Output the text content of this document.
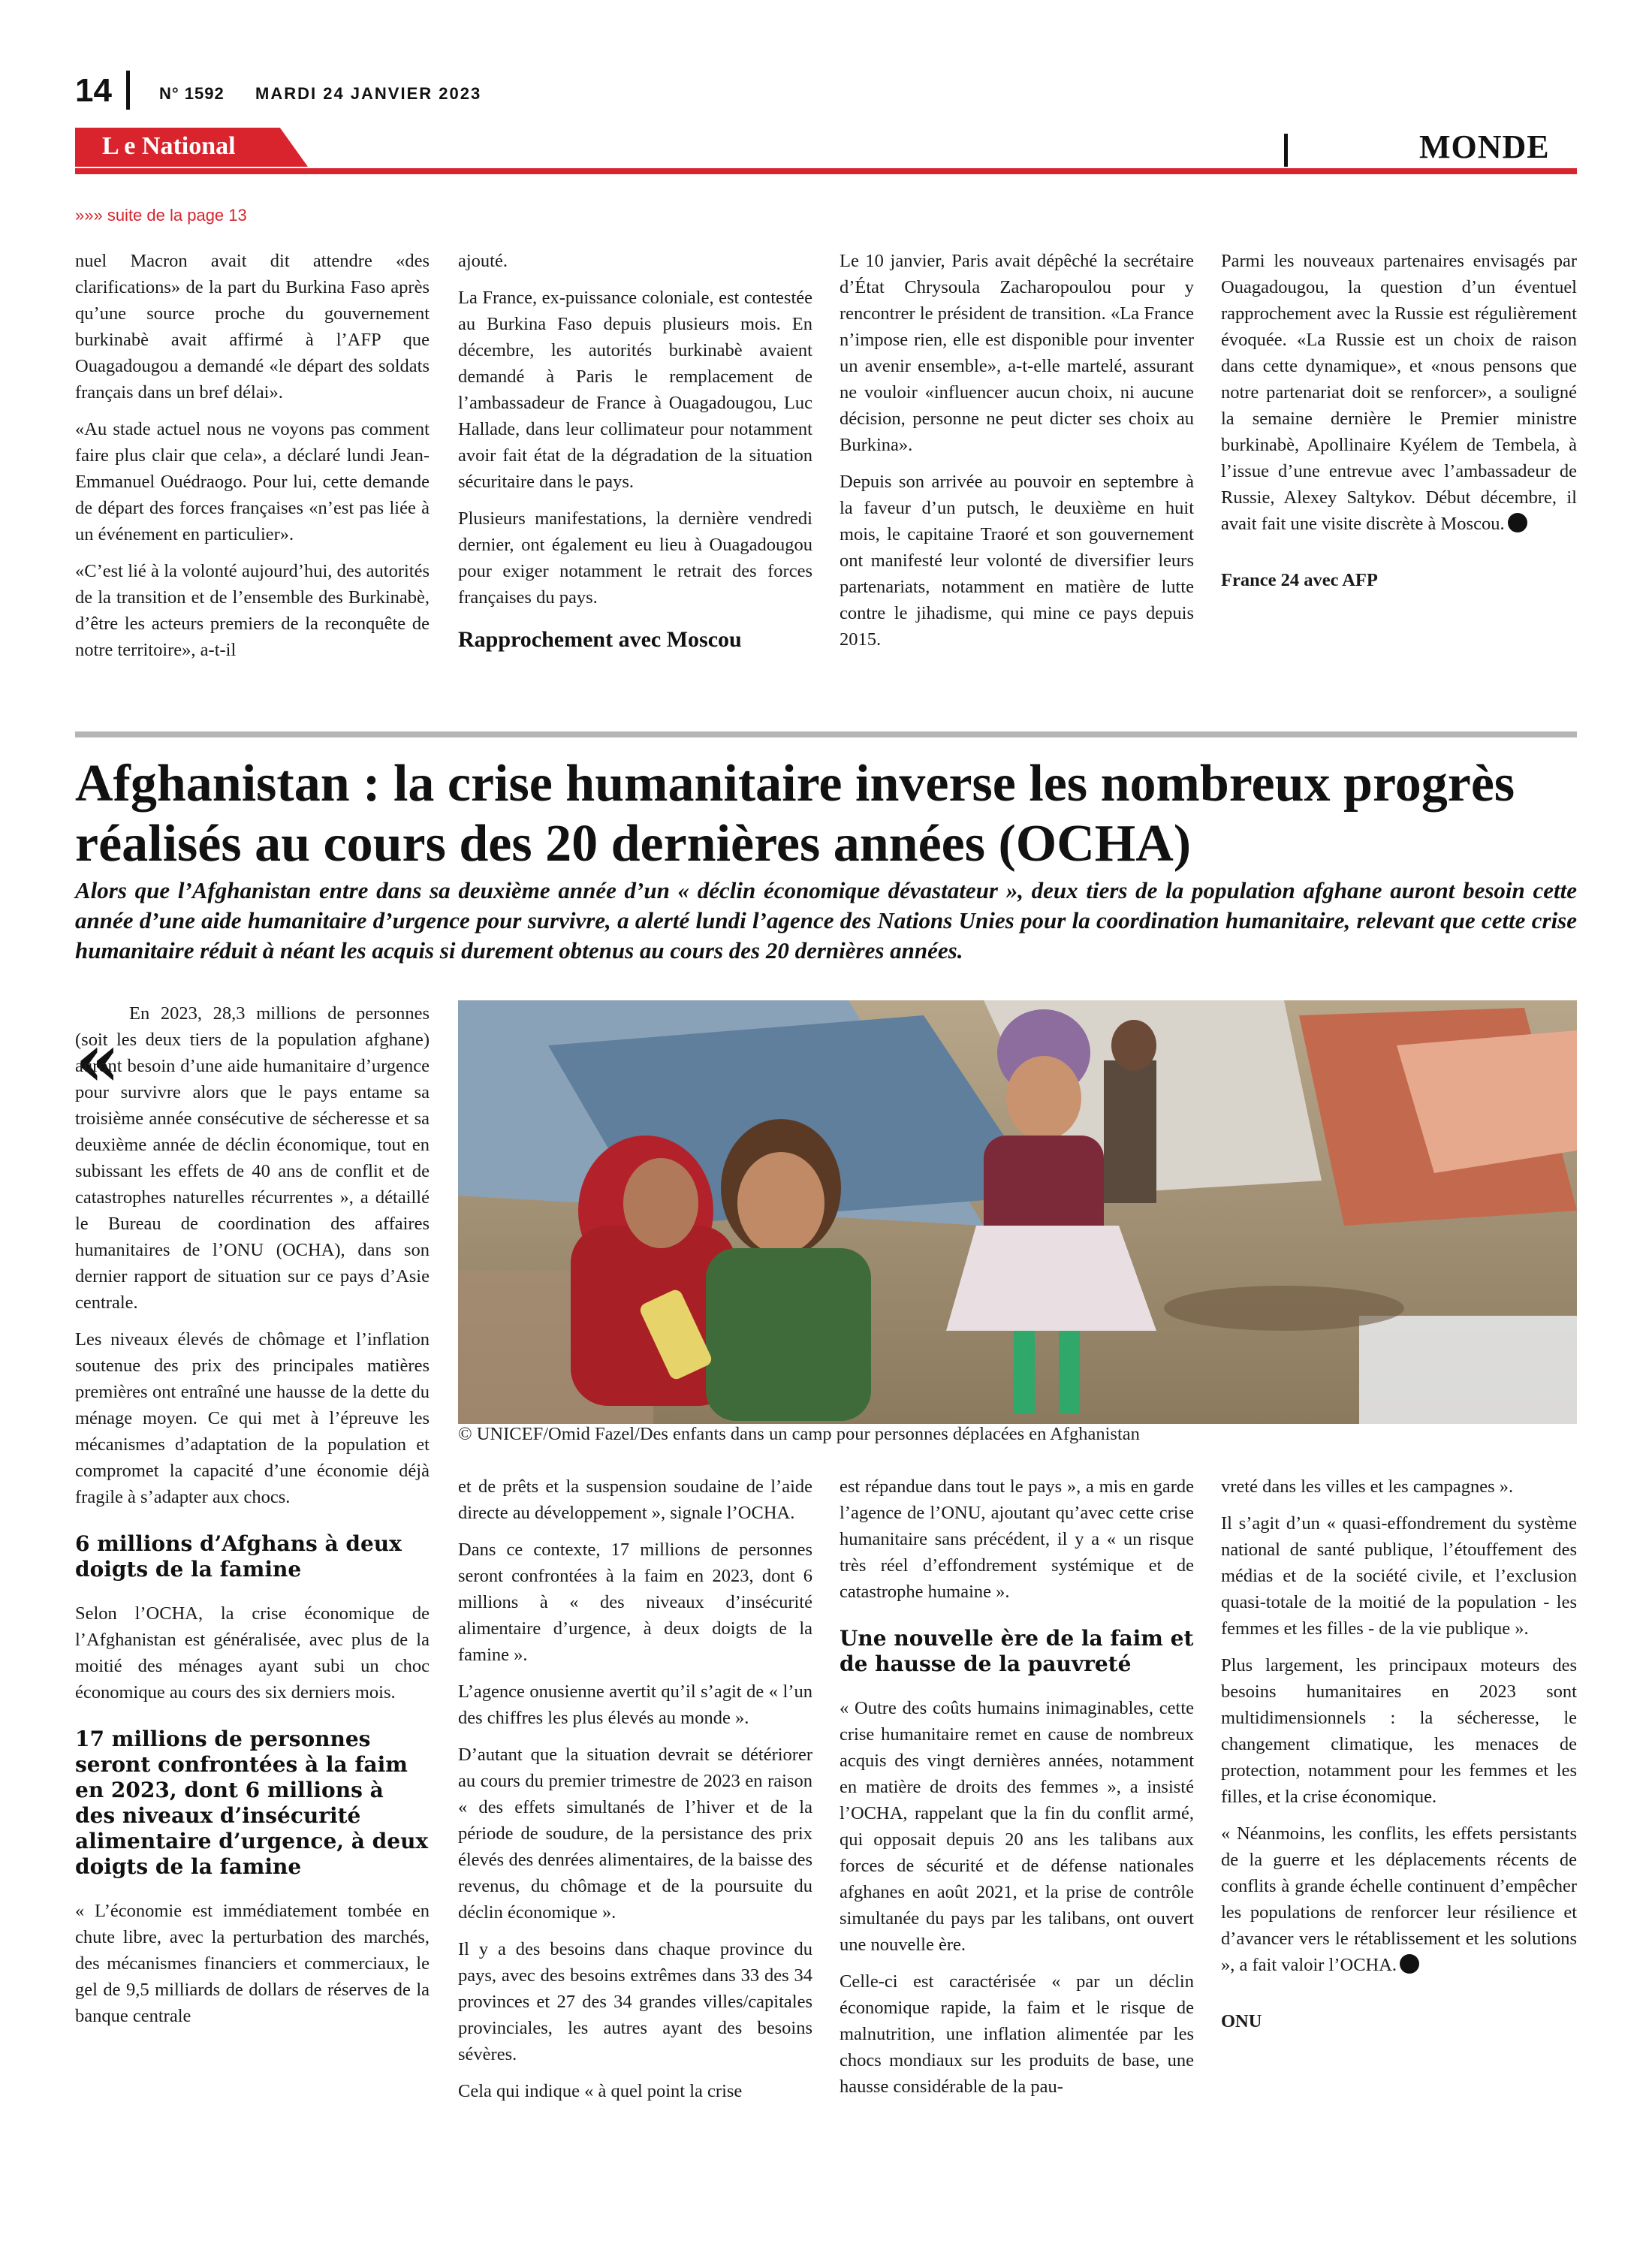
14	N° 1592 MARDI 24 JANVIER 2023
L e National	MONDE
»»» suite de la page 13

nuel Macron avait dit attendre «des clarifications» de la part du Burkina Faso après qu’une source proche du gouvernement burkinabè avait affirmé à l’AFP que Ouagadougou a demandé «le départ des soldats français dans un bref délai».

«Au stade actuel nous ne voyons pas comment faire plus clair que cela», a déclaré lundi Jean-Emmanuel Ouédraogo. Pour lui, cette demande de départ des forces françaises «n’est pas liée à un événement en particulier».

«C’est lié à la volonté aujourd’hui, des autorités de la transition et de l’ensemble des Burkinabè, d’être les acteurs premiers de la reconquête de notre territoire», a-t-il

ajouté.

La France, ex-puissance coloniale, est contestée au Burkina Faso depuis plusieurs mois. En décembre, les autorités burkinabè avaient demandé à Paris le remplacement de l’ambassadeur de France à Ouagadougou, Luc Hallade, dans leur collimateur pour notamment avoir fait état de la dégradation de la situation sécuritaire dans le pays.

Plusieurs manifestations, la dernière vendredi dernier, ont également eu lieu à Ouagadougou pour exiger notamment le retrait des forces françaises du pays.

Rapprochement avec Moscou

Le 10 janvier, Paris avait dépêché la secrétaire d’État Chrysoula Zacharopoulou pour y rencontrer le président de transition. «La France n’impose rien, elle est disponible pour inventer un avenir ensemble», a-t-elle martelé, assurant ne vouloir «influencer aucun choix, ni aucune décision, personne ne peut dicter ses choix au Burkina».

Depuis son arrivée au pouvoir en septembre à la faveur d’un putsch, le deuxième en huit mois, le capitaine Traoré et son gouvernement ont manifesté leur volonté de diversifier leurs partenariats, notamment en matière de lutte contre le jihadisme, qui mine ce pays depuis 2015.

Parmi les nouveaux partenaires envisagés par Ouagadougou, la question d’un éventuel rapprochement avec la Russie est régulièrement évoquée. «La Russie est un choix de raison dans cette dynamique», et «nous pensons que notre partenariat doit se renforcer», a souligné la semaine dernière le Premier ministre burkinabè, Apollinaire Kyélem de Tembela, à l’issue d’une entrevue avec l’ambassadeur de Russie, Alexey Saltykov. Début décembre, il avait fait une visite discrète à Moscou.

France 24 avec AFP

Afghanistan : la crise humanitaire inverse les nombreux progrès réalisés au cours des 20 dernières années (OCHA)
Alors que l’Afghanistan entre dans sa deuxième année d’un « déclin économique dévastateur », deux tiers de la population afghane auront besoin cette année d’une aide humanitaire d’urgence pour survivre, a alerté lundi l’agence des Nations Unies pour la coordination humanitaire, relevant que cette crise humanitaire réduit à néant les acquis si durement obtenus au cours des 20 dernières années.
«
© UNICEF/Omid Fazel/Des enfants dans un camp pour personnes déplacées en Afghanistan

En 2023, 28,3 millions de personnes (soit les deux tiers de la population afghane) auront besoin d’une aide humanitaire d’urgence pour survivre alors que le pays entame sa troisième année consécutive de sécheresse et sa deuxième année de déclin économique, tout en subissant les effets de 40 ans de conflit et de catastrophes naturelles récurrentes », a détaillé le Bureau de coordination des affaires humanitaires de l’ONU (OCHA), dans son dernier rapport de situation sur ce pays d’Asie centrale.

Les niveaux élevés de chômage et l’inflation soutenue des prix des principales matières premières ont entraîné une hausse de la dette du ménage moyen. Ce qui met à l’épreuve les mécanismes d’adaptation de la population et compromet la capacité d’une économie déjà fragile à s’adapter aux chocs.

6 millions d’Afghans à deux doigts de la famine

Selon l’OCHA, la crise économique de l’Afghanistan est généralisée, avec plus de la moitié des ménages ayant subi un choc économique au cours des six derniers mois.

17 millions de personnes seront confrontées à la faim en 2023, dont 6 millions à des niveaux d’insécurité alimentaire d’urgence, à deux doigts de la famine

« L’économie est immédiatement tombée en chute libre, avec la perturbation des marchés, des mécanismes financiers et commerciaux, le gel de 9,5 milliards de dollars de réserves de la banque centrale

et de prêts et la suspension soudaine de l’aide directe au développement », signale l’OCHA.

Dans ce contexte, 17 millions de personnes seront confrontées à la faim en 2023, dont 6 millions à « des niveaux d’insécurité alimentaire d’urgence, à deux doigts de la famine ».

L’agence onusienne avertit qu’il s’agit de « l’un des chiffres les plus élevés au monde ».

D’autant que la situation devrait se détériorer au cours du premier trimestre de 2023 en raison « des effets simultanés de l’hiver et de la période de soudure, de la persistance des prix élevés des denrées alimentaires, de la baisse des revenus, du chômage et de la poursuite du déclin économique ».

Il y a des besoins dans chaque province du pays, avec des besoins extrêmes dans 33 des 34 provinces et 27 des 34 grandes villes/capitales provinciales, les autres ayant des besoins sévères.

Cela qui indique « à quel point la crise

est répandue dans tout le pays », a mis en garde l’agence de l’ONU, ajoutant qu’avec cette crise humanitaire sans précédent, il y a « un risque très réel d’effondrement systémique et de catastrophe humaine ».

Une nouvelle ère de la faim et de hausse de la pauvreté

« Outre des coûts humains inimaginables, cette crise humanitaire remet en cause de nombreux acquis des vingt dernières années, notamment en matière de droits des femmes », a insisté l’OCHA, rappelant que la fin du conflit armé, qui opposait depuis 20 ans les talibans aux forces de sécurité et de défense nationales afghanes en août 2021, et la prise de contrôle simultanée du pays par les talibans, ont ouvert une nouvelle ère.

Celle-ci est caractérisée « par un déclin économique rapide, la faim et le risque de malnutrition, une inflation alimentée par les chocs mondiaux sur les produits de base, une hausse considérable de la pau-

vreté dans les villes et les campagnes ».

Il s’agit d’un « quasi-effondrement du système national de santé publique, l’étouffement des médias et de la société civile, et l’exclusion quasi-totale de la moitié de la population - les femmes et les filles - de la vie publique ».

Plus largement, les principaux moteurs des besoins humanitaires en 2023 sont multidimensionnels : la sécheresse, le changement climatique, les menaces de protection, notamment pour les femmes et les filles, et la crise économique.

« Néanmoins, les conflits, les effets persistants de la guerre et les déplacements récents de conflits à grande échelle continuent d’empêcher les populations de renforcer leur résilience et d’avancer vers le rétablissement et les solutions », a fait valoir l’OCHA.

ONU
